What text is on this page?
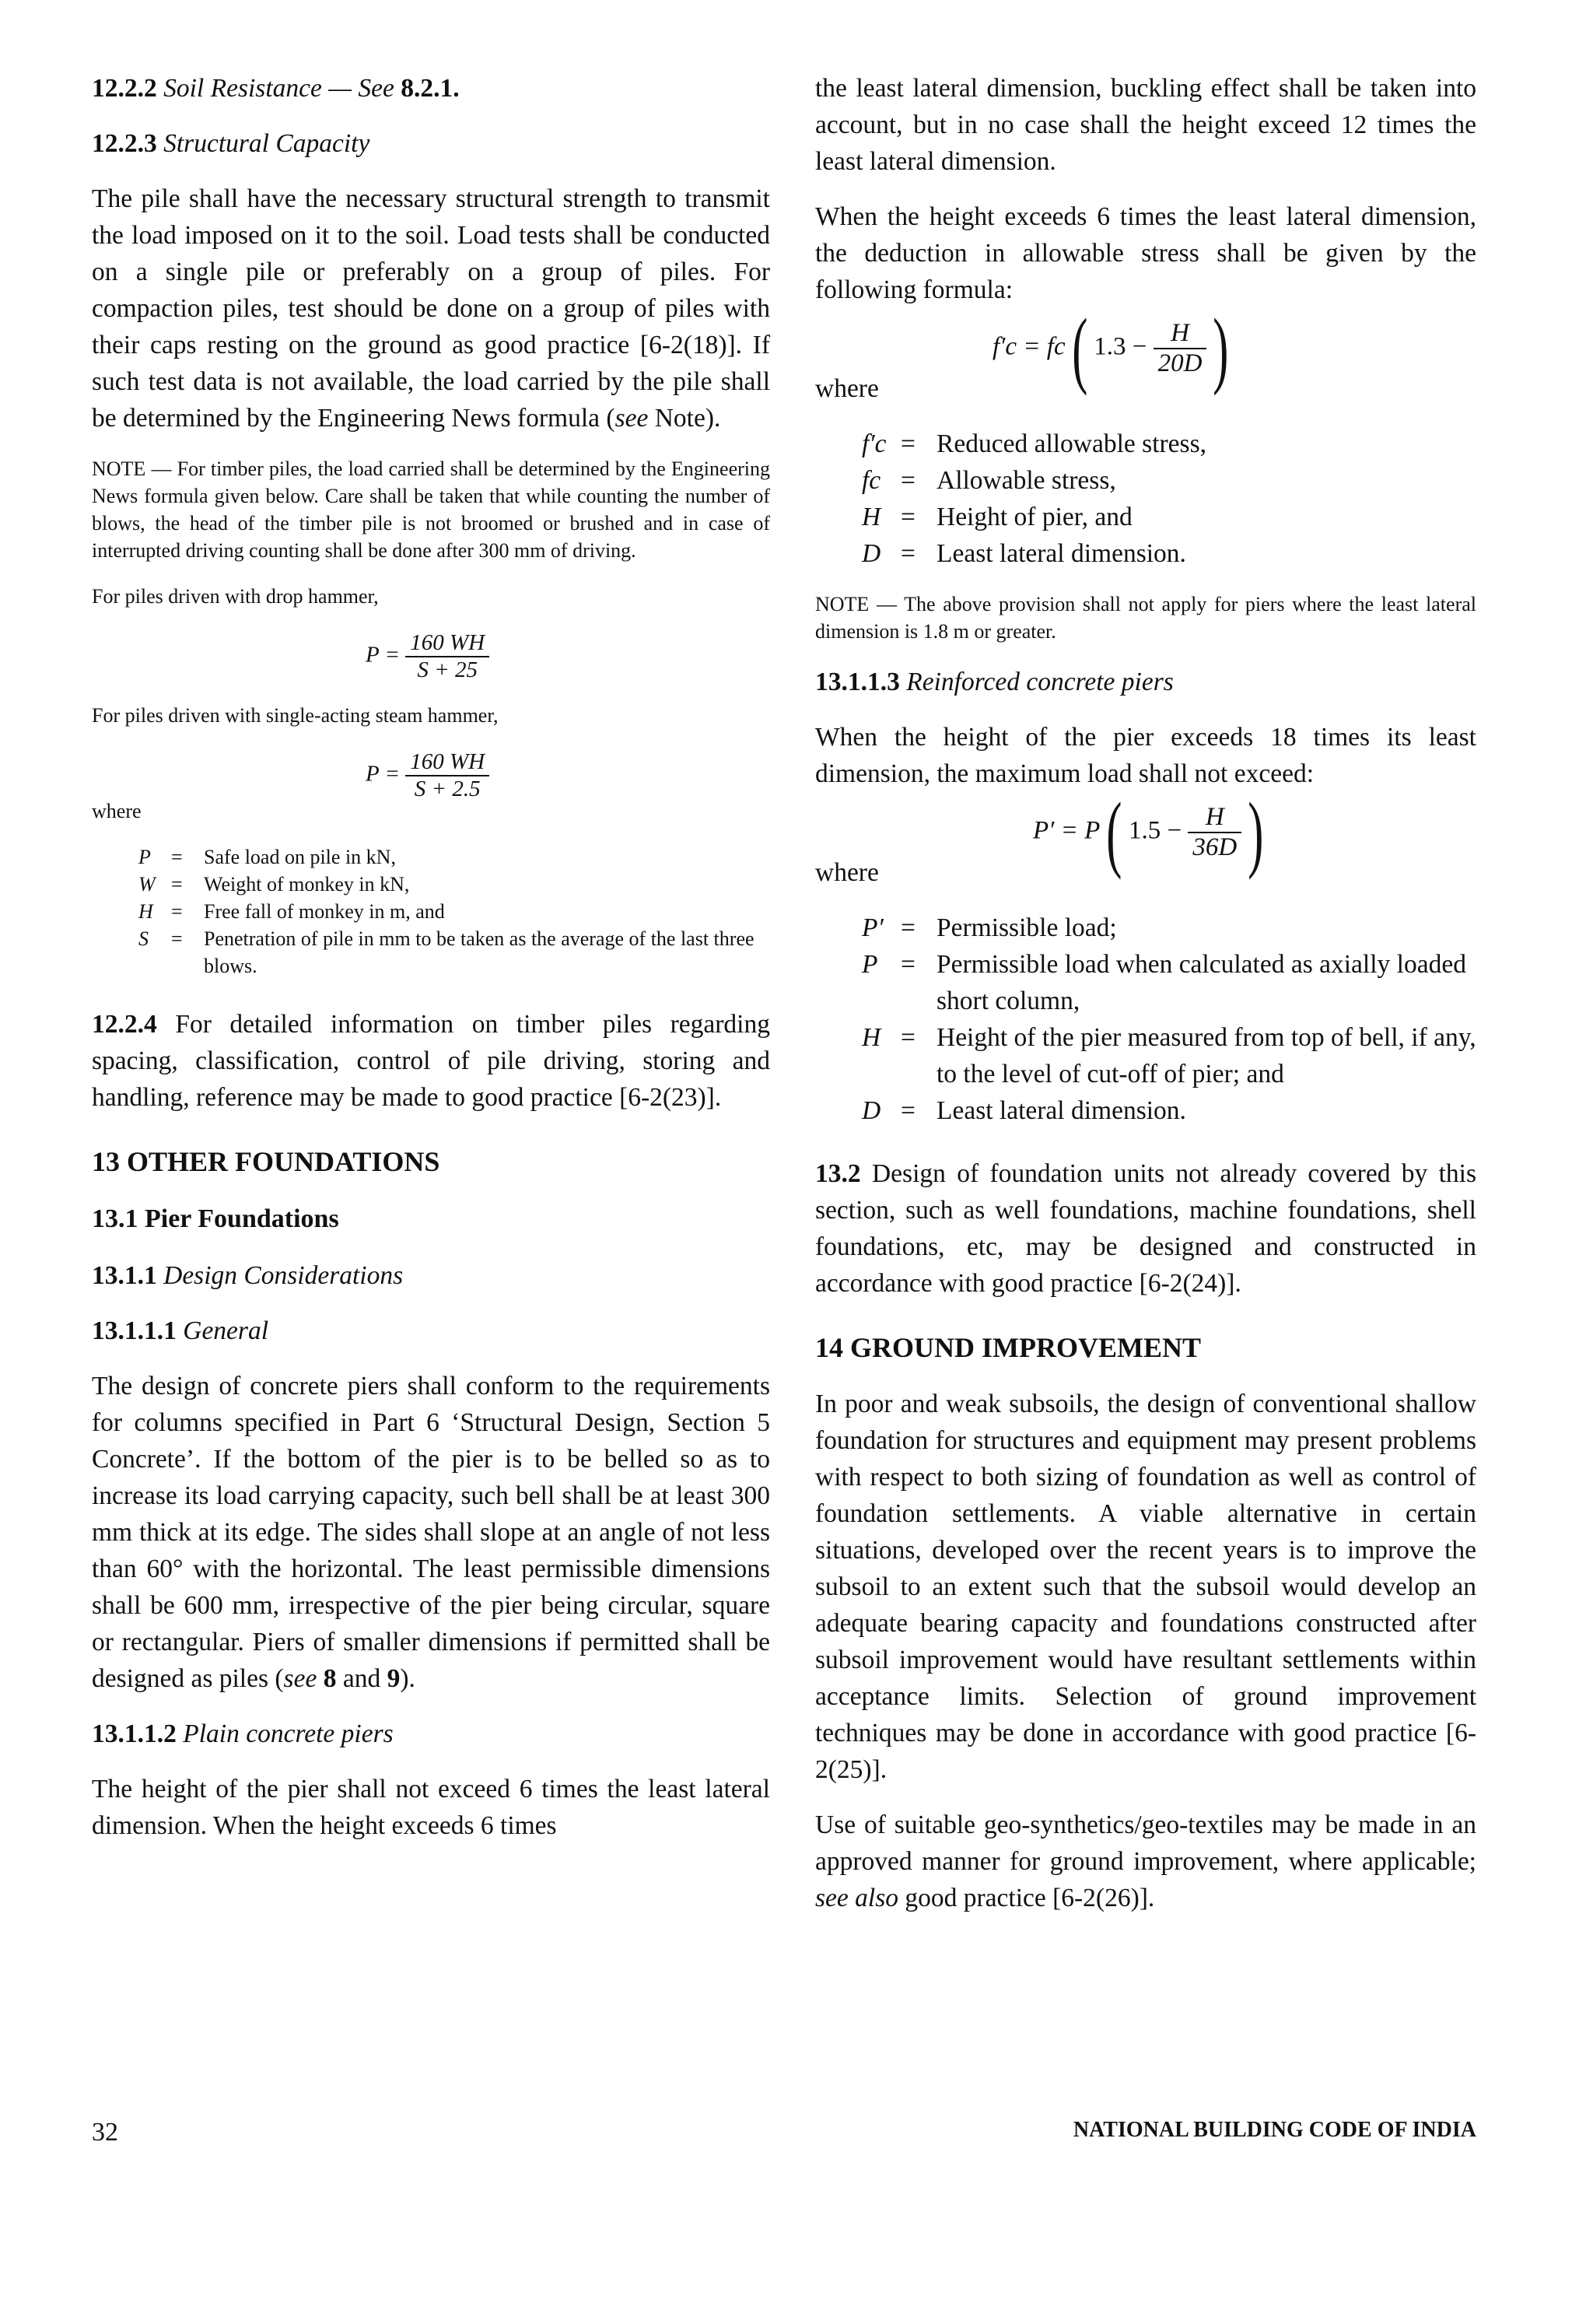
12.2.2 Soil Resistance — See 8.2.1.
12.2.3 Structural Capacity

The pile shall have the necessary structural strength to transmit the load imposed on it to the soil. Load tests shall be conducted on a single pile or preferably on a group of piles. For compaction piles, test should be done on a group of piles with their caps resting on the ground as good practice [6-2(18)]. If such test data is not available, the load carried by the pile shall be determined by the Engineering News formula (see Note).

NOTE — For timber piles, the load carried shall be determined by the Engineering News formula given below. Care shall be taken that while counting the number of blows, the head of the timber pile is not broomed or brushed and in case of interrupted driving counting shall be done after 300 mm of driving.

For piles driven with drop hammer,

$P = \frac{160 WH}{S + 25}$

For piles driven with single-acting steam hammer,

$P = \frac{160 WH}{S + 2.5}$

where

P	=	Safe load on pile in kN,
W	=	Weight of monkey in kN,
H	=	Free fall of monkey in m, and
S	=	Penetration of pile in mm to be taken as the average of the last three blows.

12.2.4 For detailed information on timber piles regarding spacing, classification, control of pile driving, storing and handling, reference may be made to good practice [6-2(23)].

13 OTHER FOUNDATIONS
13.1 Pier Foundations
13.1.1 Design Considerations
13.1.1.1 General

The design of concrete piers shall conform to the requirements for columns specified in Part 6 ‘Structural Design, Section 5 Concrete’. If the bottom of the pier is to be belled so as to increase its load carrying capacity, such bell shall be at least 300 mm thick at its edge. The sides shall slope at an angle of not less than 60° with the horizontal. The least permissible dimensions shall be 600 mm, irrespective of the pier being circular, square or rectangular. Piers of smaller dimensions if permitted shall be designed as piles (see 8 and 9).

13.1.1.2 Plain concrete piers

The height of the pier shall not exceed 6 times the least lateral dimension. When the height exceeds 6 times

the least lateral dimension, buckling effect shall be taken into account, but in no case shall the height exceed 12 times the least lateral dimension.

When the height exceeds 6 times the least lateral dimension, the deduction in allowable stress shall be given by the following formula:

f′c = fc( $1.3 - \frac{H}{20D}$ )

where

f′c	=	Reduced allowable stress,
fc	=	Allowable stress,
H	=	Height of pier, and
D	=	Least lateral dimension.

NOTE — The above provision shall not apply for piers where the least lateral dimension is 1.8 m or greater.

13.1.1.3 Reinforced concrete piers

When the height of the pier exceeds 18 times its least dimension, the maximum load shall not exceed:

P′ = P( $1.5 - \frac{H}{36D}$ )

where

P′	=	Permissible load;
P	=	Permissible load when calculated as axially loaded short column,
H	=	Height of the pier measured from top of bell, if any, to the level of cut-off of pier; and
D	=	Least lateral dimension.

13.2 Design of foundation units not already covered by this section, such as well foundations, machine foundations, shell foundations, etc, may be designed and constructed in accordance with good practice [6-2(24)].

14 GROUND IMPROVEMENT

In poor and weak subsoils, the design of conventional shallow foundation for structures and equipment may present problems with respect to both sizing of foundation as well as control of foundation settlements. A viable alternative in certain situations, developed over the recent years is to improve the subsoil to an extent such that the subsoil would develop an adequate bearing capacity and foundations constructed after subsoil improvement would have resultant settlements within acceptance limits. Selection of ground improvement techniques may be done in accordance with good practice [6-2(25)].

Use of suitable geo-synthetics/geo-textiles may be made in an approved manner for ground improvement, where applicable; see also good practice [6-2(26)].

32	NATIONAL BUILDING CODE OF INDIA
